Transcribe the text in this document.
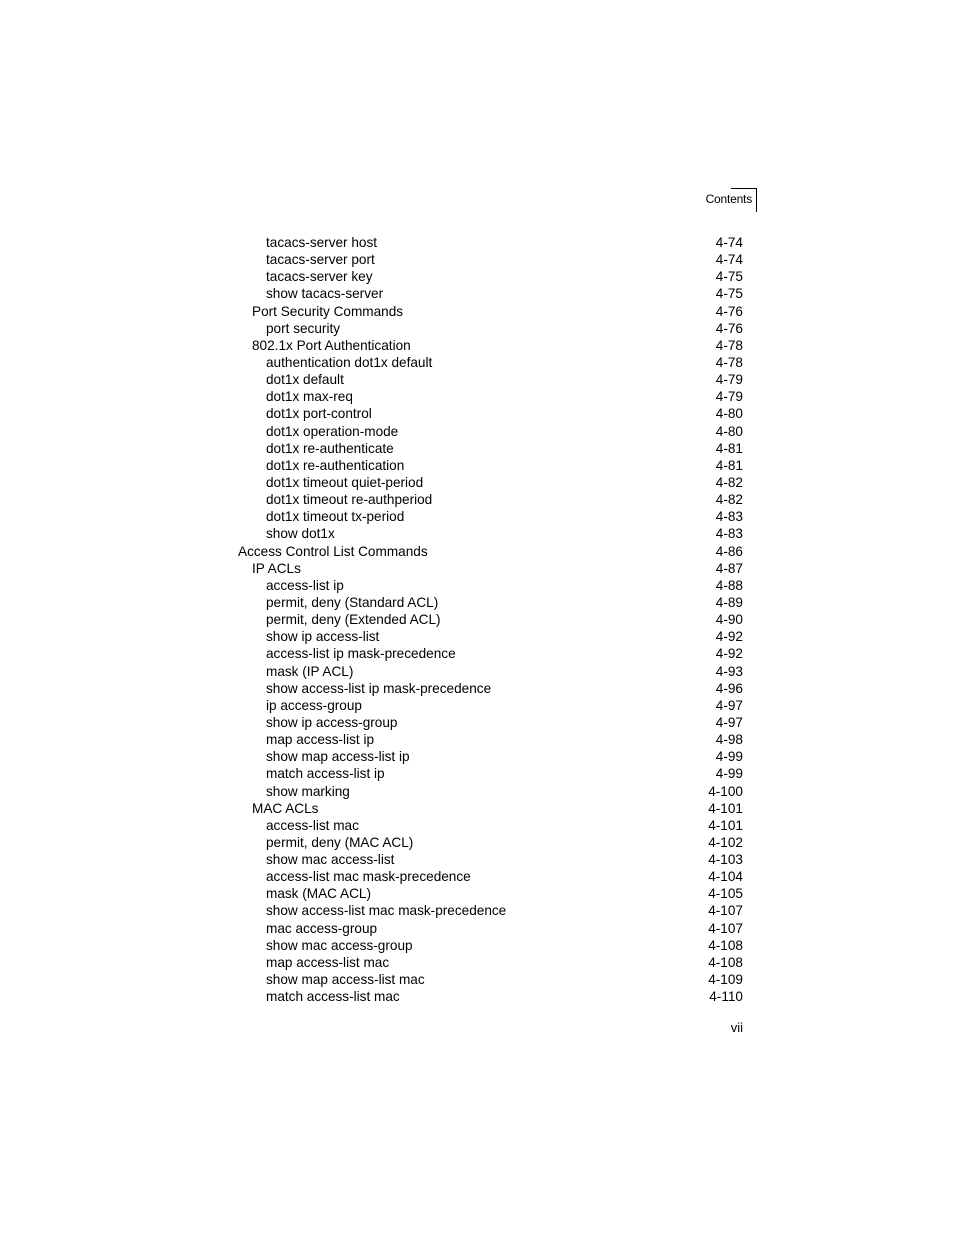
Contents
tacacs-server host	4-74
tacacs-server port	4-74
tacacs-server key	4-75
show tacacs-server	4-75
Port Security Commands	4-76
port security	4-76
802.1x Port Authentication	4-78
authentication dot1x default	4-78
dot1x default	4-79
dot1x max-req	4-79
dot1x port-control	4-80
dot1x operation-mode	4-80
dot1x re-authenticate	4-81
dot1x re-authentication	4-81
dot1x timeout quiet-period	4-82
dot1x timeout re-authperiod	4-82
dot1x timeout tx-period	4-83
show dot1x	4-83
Access Control List Commands	4-86
IP ACLs	4-87
access-list ip	4-88
permit, deny (Standard ACL)	4-89
permit, deny (Extended ACL)	4-90
show ip access-list	4-92
access-list ip mask-precedence	4-92
mask (IP ACL)	4-93
show access-list ip mask-precedence	4-96
ip access-group	4-97
show ip access-group	4-97
map access-list ip	4-98
show map access-list ip	4-99
match access-list ip	4-99
show marking	4-100
MAC ACLs	4-101
access-list mac	4-101
permit, deny (MAC ACL)	4-102
show mac access-list	4-103
access-list mac mask-precedence	4-104
mask (MAC ACL)	4-105
show access-list mac mask-precedence	4-107
mac access-group	4-107
show mac access-group	4-108
map access-list mac	4-108
show map access-list mac	4-109
match access-list mac	4-110
vii
